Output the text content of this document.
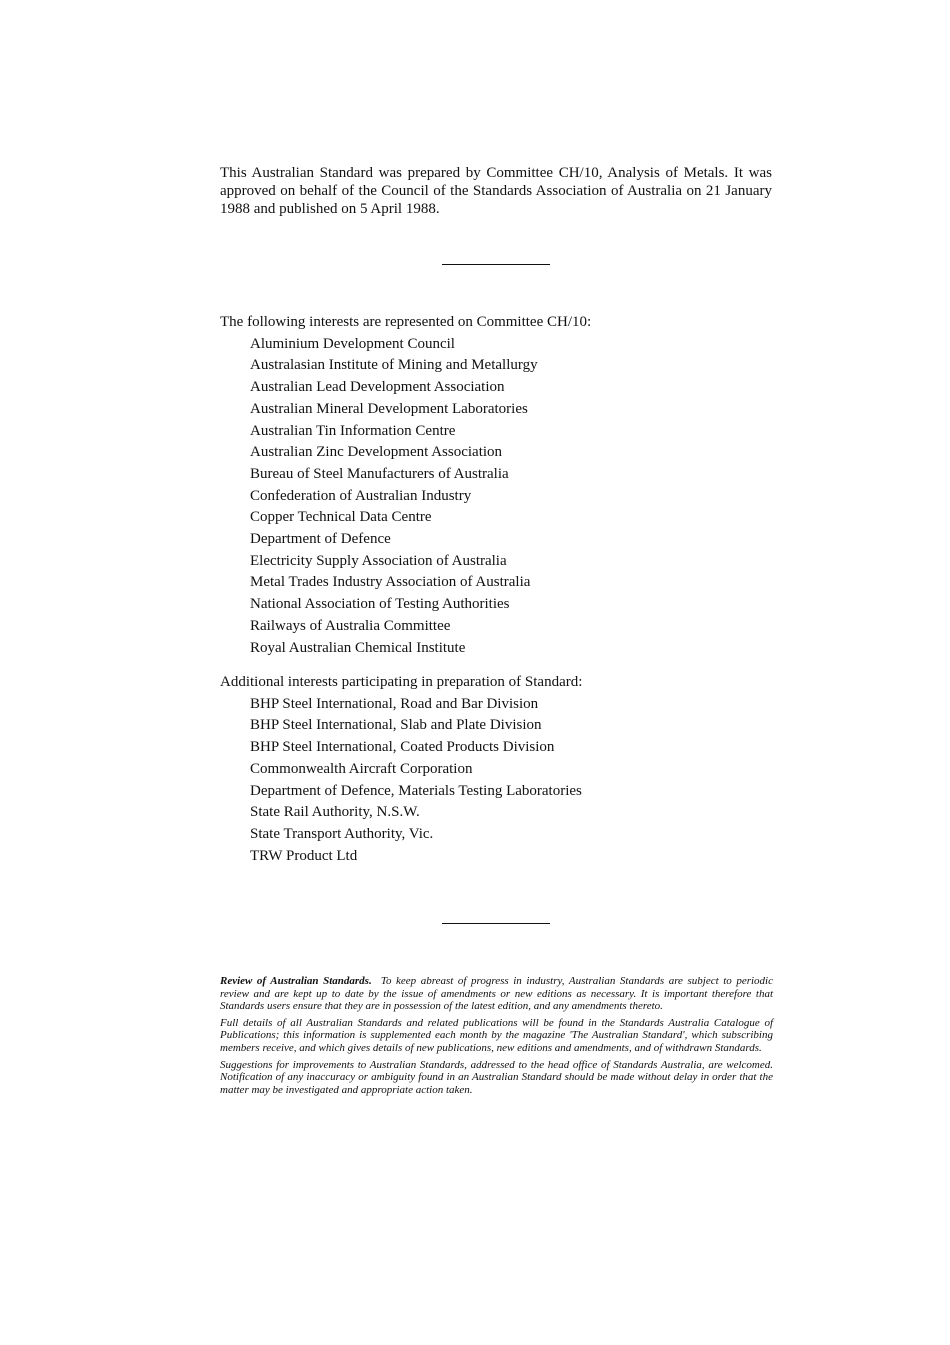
This Australian Standard was prepared by Committee CH/10, Analysis of Metals. It was approved on behalf of the Council of the Standards Association of Australia on 21 January 1988 and published on 5 April 1988.

The following interests are represented on Committee CH/10:
Aluminium Development Council
Australasian Institute of Mining and Metallurgy
Australian Lead Development Association
Australian Mineral Development Laboratories
Australian Tin Information Centre
Australian Zinc Development Association
Bureau of Steel Manufacturers of Australia
Confederation of Australian Industry
Copper Technical Data Centre
Department of Defence
Electricity Supply Association of Australia
Metal Trades Industry Association of Australia
National Association of Testing Authorities
Railways of Australia Committee
Royal Australian Chemical Institute
Additional interests participating in preparation of Standard:
BHP Steel International, Road and Bar Division
BHP Steel International, Slab and Plate Division
BHP Steel International, Coated Products Division
Commonwealth Aircraft Corporation
Department of Defence, Materials Testing Laboratories
State Rail Authority, N.S.W.
State Transport Authority, Vic.
TRW Product Ltd

Review of Australian Standards. To keep abreast of progress in industry, Australian Standards are subject to periodic review and are kept up to date by the issue of amendments or new editions as necessary. It is important therefore that Standards users ensure that they are in possession of the latest edition, and any amendments thereto.

Full details of all Australian Standards and related publications will be found in the Standards Australia Catalogue of Publications; this information is supplemented each month by the magazine 'The Australian Standard', which subscribing members receive, and which gives details of new publications, new editions and amendments, and of withdrawn Standards.

Suggestions for improvements to Australian Standards, addressed to the head office of Standards Australia, are welcomed. Notification of any inaccuracy or ambiguity found in an Australian Standard should be made without delay in order that the matter may be investigated and appropriate action taken.
